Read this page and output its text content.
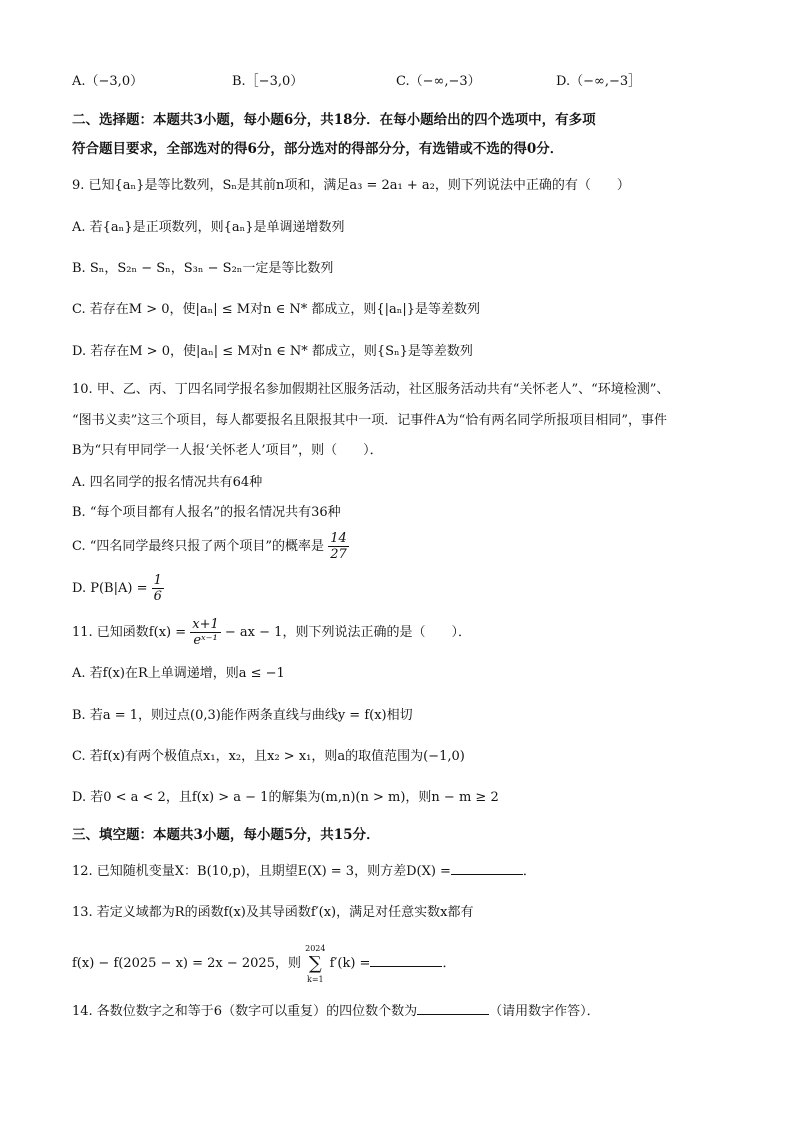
A.（−3,0）	B.［−3,0）	C.（−∞,−3）	D.（−∞,−3］
二、选择题：本题共3小题，每小题6分，共18分．在每小题给出的四个选项中，有多项
符合题目要求，全部选对的得6分，部分选对的得部分分，有选错或不选的得0分．
9. 已知{aₙ}是等比数列，Sₙ是其前n项和，满足a₃ = 2a₁ + a₂，则下列说法中正确的有（　　）
A. 若{aₙ}是正项数列，则{aₙ}是单调递增数列
B. Sₙ，S₂ₙ − Sₙ，S₃ₙ − S₂ₙ一定是等比数列
C. 若存在M > 0，使|aₙ| ≤ M对n ∈ N* 都成立，则{|aₙ|}是等差数列
D. 若存在M > 0，使|aₙ| ≤ M对n ∈ N* 都成立，则{Sₙ}是等差数列
10. 甲、乙、丙、丁四名同学报名参加假期社区服务活动，社区服务活动共有“关怀老人”、“环境检测”、
“图书义卖”这三个项目，每人都要报名且限报其中一项．记事件A为“恰有两名同学所报项目相同”，事件
B为“只有甲同学一人报‘关怀老人’项目”，则（　　）．
A. 四名同学的报名情况共有64种
B. “每个项目都有人报名”的报名情况共有36种
C. “四名同学最终只报了两个项目”的概率是 $\frac{14}{27}$
D. $P(B|A) = \frac{1}{6}$
11. 已知函数$f(x) = \frac{x+1}{\text{eˣ⁻¹}}$ − ax − 1，则下列说法正确的是（　　）．
A. 若f(x)在R上单调递增，则a ≤ −1
B. 若a = 1，则过点(0,3)能作两条直线与曲线y = f(x)相切
C. 若f(x)有两个极值点x₁，x₂，且x₂ > x₁，则a的取值范围为(−1,0)
D. 若0 < a < 2，且f(x) > a − 1的解集为(m,n)(n > m)，则n − m ≥ 2
三、填空题：本题共3小题，每小题5分，共15分．
12. 已知随机变量X：B(10,p)，且期望E(X) = 3，则方差D(X) =	．
13. 若定义域都为R的函数f(x)及其导函数f′(x)，满足对任意实数x都有
f(x) − f(2025 − x) = 2x − 2025，则
2024
∑
k=1
f′(k) =	．
14. 各数位数字之和等于6（数字可以重复）的四位数个数为	（请用数字作答）．
